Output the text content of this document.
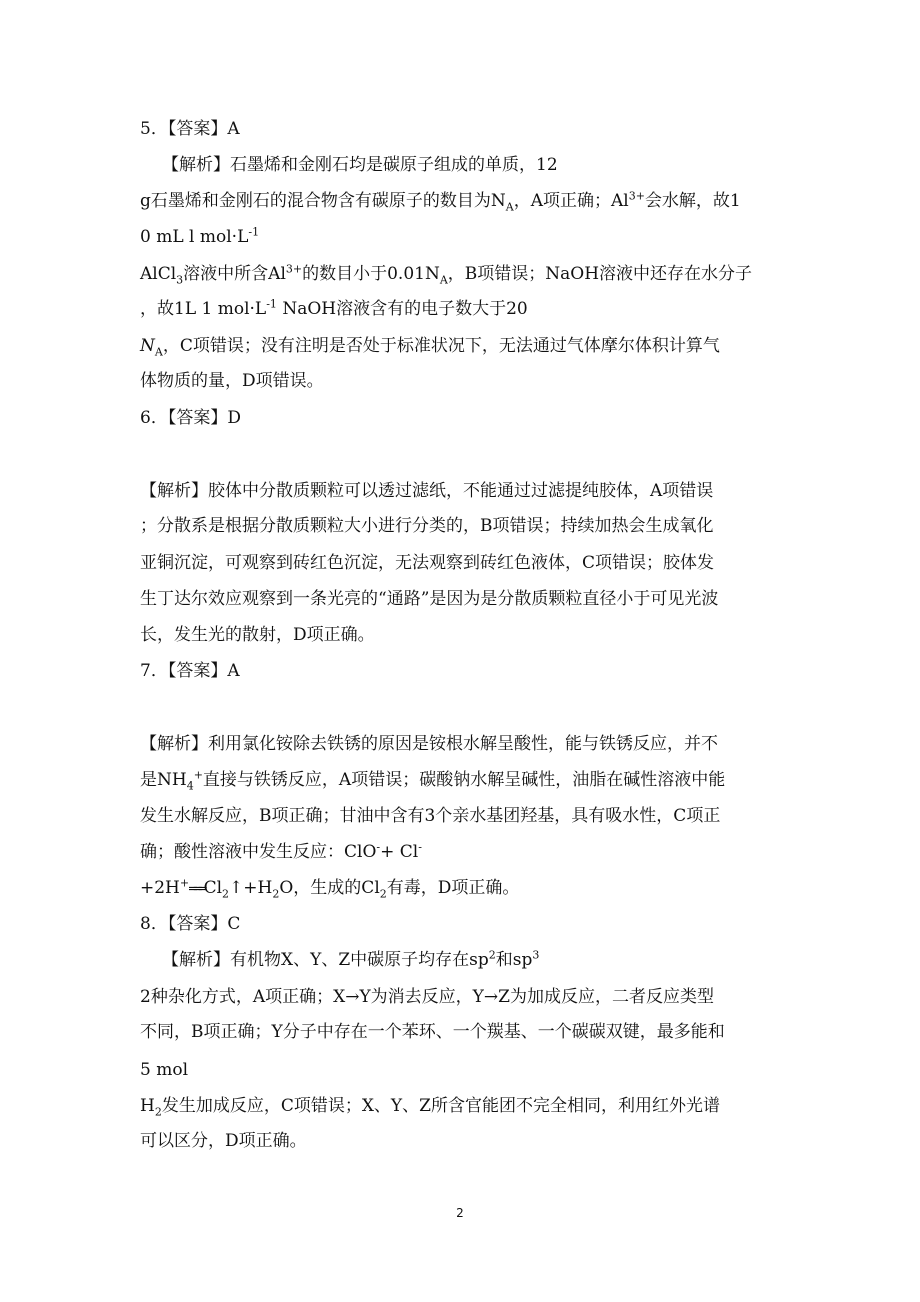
5．【答案】A
【解析】石墨烯和金刚石均是碳原子组成的单质，12
g石墨烯和金刚石的混合物含有碳原子的数目为$N_A$，A项正确；$Al^{3+}$会水解，故1
0 mL l $mol\cdot L^{-1}$
AlCl$_3$溶液中所含$Al^{3+}$的数目小于$0.01N_A$，B项错误；NaOH溶液中还存在水分子
，故1L 1 $mol\cdot L^{-1}$ NaOH溶液含有的电子数大于20
$N_A$，C项错误；没有注明是否处于标准状况下，无法通过气体摩尔体积计算气
体物质的量，D项错误。
6．【答案】D
【解析】胶体中分散质颗粒可以透过滤纸，不能通过过滤提纯胶体，A项错误
；分散系是根据分散质颗粒大小进行分类的，B项错误；持续加热会生成氧化
亚铜沉淀，可观察到砖红色沉淀，无法观察到砖红色液体，C项错误；胶体发
生丁达尔效应观察到一条光亮的“通路”是因为是分散质颗粒直径小于可见光波
长，发生光的散射，D项正确。
7．【答案】A
【解析】利用氯化铵除去铁锈的原因是铵根水解呈酸性，能与铁锈反应，并不
是$NH_4^+$直接与铁锈反应，A项错误；碳酸钠水解呈碱性，油脂在碱性溶液中能
发生水解反应，B项正确；甘油中含有3个亲水基团羟基，具有吸水性，C项正
确；酸性溶液中发生反应：ClO-+ Cl-
$+2H^+═══Cl_2↑+H_2O$，生成的$Cl_2$有毒，D项正确。
8．【答案】C
【解析】有机物X、Y、Z中碳原子均存在$sp^2$和$sp^3$
2种杂化方式，A项正确；X→Y为消去反应，Y→Z为加成反应，二者反应类型
不同，B项正确；Y分子中存在一个苯环、一个羰基、一个碳碳双键，最多能和
5 mol
$H_2$发生加成反应，C项错误；X、Y、Z所含官能团不完全相同，利用红外光谱
可以区分，D项正确。
2
